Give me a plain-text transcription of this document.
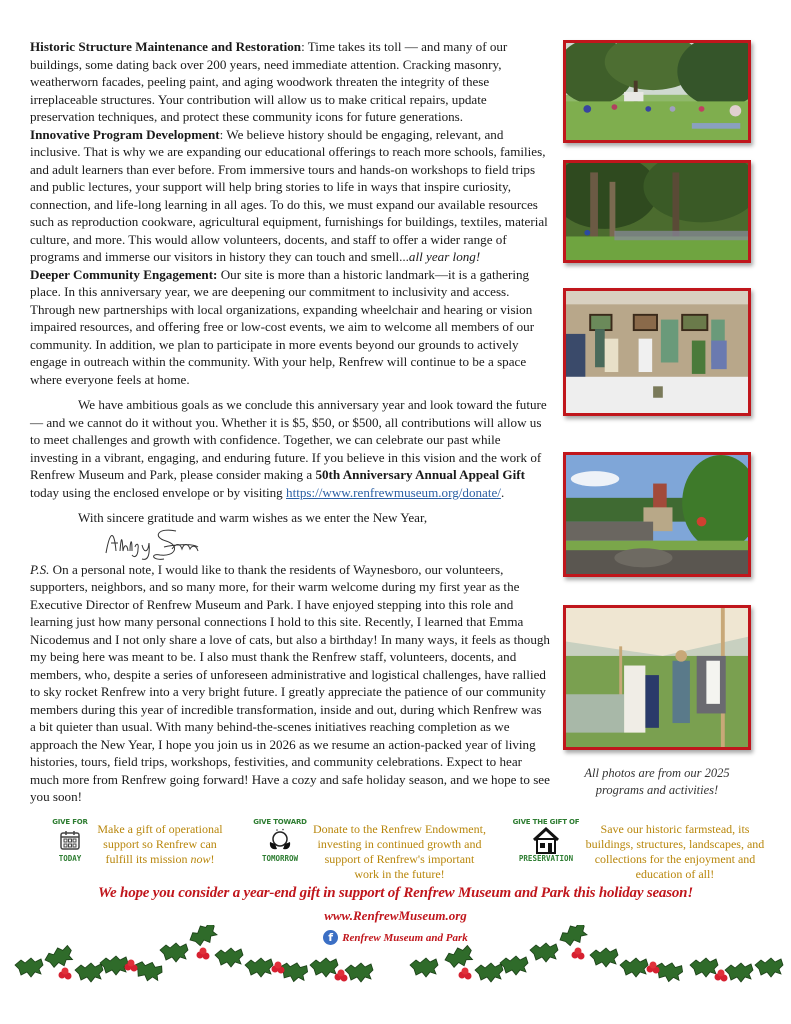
Historic Structure Maintenance and Restoration: Time takes its toll — and many of our buildings, some dating back over 200 years, need immediate attention. Cracking masonry, weatherworn facades, peeling paint, and aging woodwork threaten the integrity of these irreplaceable structures. Your contribution will allow us to make critical repairs, update preservation techniques, and protect these community icons for future generations.

Innovative Program Development: We believe history should be engaging, relevant, and inclusive. That is why we are expanding our educational offerings to reach more schools, families, and adult learners than ever before. From immersive tours and hands-on workshops to field trips and public lectures, your support will help bring stories to life in ways that inspire curiosity, connection, and life-long learning in all ages. To do this, we must expand our available resources such as reproduction cookware, agricultural equipment, furnishings for buildings, textiles, material culture, and more. This would allow volunteers, docents, and staff to offer a wider range of programs and immerse our visitors in history they can touch and smell...all year long!

Deeper Community Engagement: Our site is more than a historic landmark—it is a gathering place. In this anniversary year, we are deepening our commitment to inclusivity and access. Through new partnerships with local organizations, expanding wheelchair and hearing or vision impaired resources, and offering free or low-cost events, we aim to welcome all members of our community. In addition, we plan to participate in more events beyond our grounds to actively engage in outreach within the community. With your help, Renfrew will continue to be a space where everyone feels at home.

We have ambitious goals as we conclude this anniversary year and look toward the future — and we cannot do it without you. Whether it is $5, $50, or $500, all contributions will allow us to meet challenges and growth with confidence. Together, we can celebrate our past while investing in a vibrant, engaging, and enduring future. If you believe in this vision and the work of Renfrew Museum and Park, please consider making a 50th Anniversary Annual Appeal Gift today using the enclosed envelope or by visiting https://www.renfrewmuseum.org/donate/.

With sincere gratitude and warm wishes as we enter the New Year,

P.S. On a personal note, I would like to thank the residents of Waynesboro, our volunteers, supporters, neighbors, and so many more, for their warm welcome during my first year as the Executive Director of Renfrew Museum and Park. I have enjoyed stepping into this role and learning just how many personal connections I hold to this site. Recently, I learned that Emma Nicodemus and I not only share a love of cats, but also a birthday! In many ways, it feels as though my being here was meant to be. I also must thank the Renfrew staff, volunteers, docents, and members, who, despite a series of unforeseen administrative and logistical challenges, have rallied to sky rocket Renfrew into a very bright future. I greatly appreciate the patience of our community members during this year of incredible transformation, inside and out, during which Renfrew was a bit quieter than usual. With many behind-the-scenes initiatives reaching completion as we approach the New Year, I hope you join us in 2026 as we resume an action-packed year of living histories, tours, field trips, workshops, festivities, and community celebrations. Expect to hear much more from Renfrew going forward! Have a cozy and safe holiday season, and we hope to see you soon!

All photos are from our 2025 programs and activities!
GIVE FOR
TODAY
Make a gift of operational support so Renfrew can fulfill its mission now!
GIVE TOWARD
TOMORROW
Donate to the Renfrew Endowment, investing in continued growth and support of Renfrew's important work in the future!
GIVE THE GIFT OF
PRESERVATION
Save our historic farmstead, its buildings, structures, landscapes, and collections for the enjoyment and education of all!
We hope you consider a year-end gift in support of Renfrew Museum and Park this holiday season!
www.RenfrewMuseum.org
f Renfrew Museum and Park
